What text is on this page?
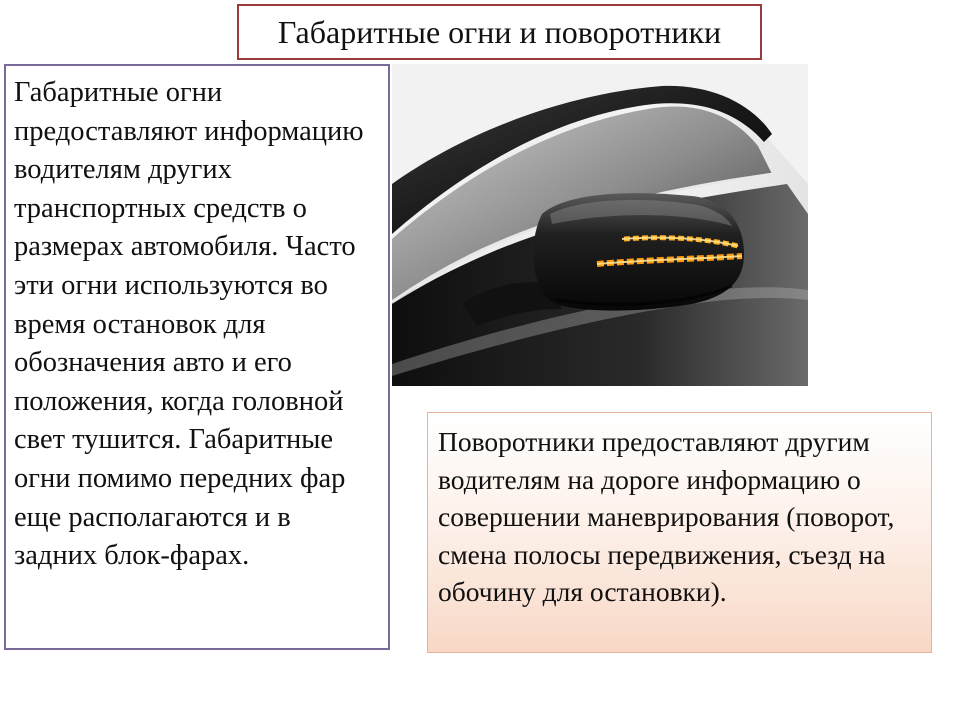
Габаритные огни и поворотники

Габаритные огни предоставляют информацию водителям других транспортных средств о размерах автомобиля. Часто эти огни используются во время остановок для обозначения авто и его положения, когда головной свет тушится. Габаритные огни помимо передних фар еще располагаются и в задних блок-фарах.

Поворотники предоставляют другим водителям на дороге информацию о совершении маневрирования (поворот, смена полосы передвижения, съезд на обочину для остановки).
